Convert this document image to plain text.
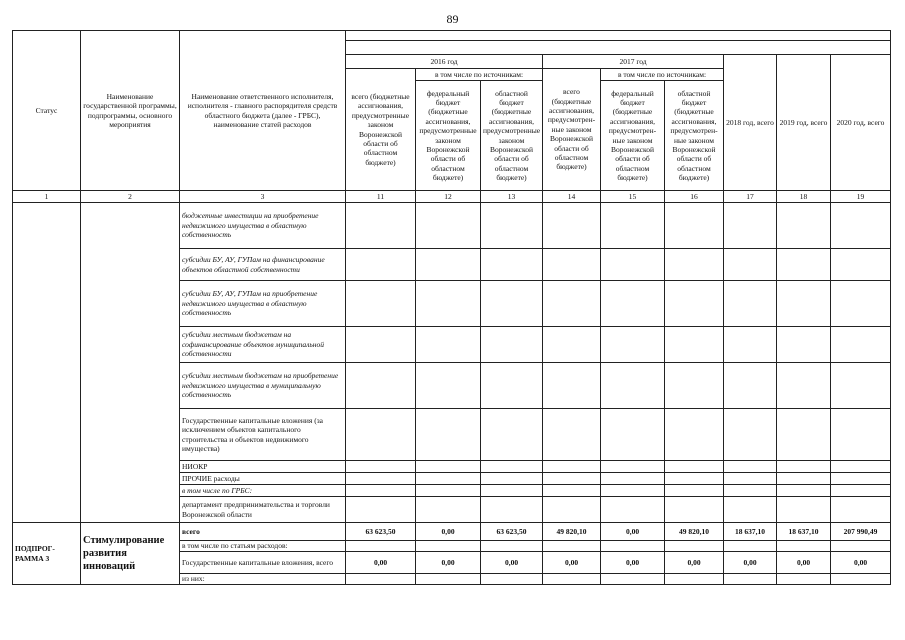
89
Статус	Наименование государственной программы, подпрограммы, основного мероприятия	Наименование ответственного исполнителя, исполнителя - главного распорядителя средств областного бюджета (далее - ГРБС), наименование статей расходов									

			2016 год			2017 год			2018 год, всего	2019 год, всего	2020 год, всего
			всего (бюджетные ассигнования, предусмотренные законом Воронежской области об областном бюджете)	в том числе по источникам:		всего (бюджетные ассигнования, предусмотрен-ные законом Воронежской области об областном бюджете)	в том числе по источникам:				
				федеральный бюджет (бюджетные ассигнования, предусмотренные законом Воронежской области об областном бюджете)	областной бюджет (бюджетные ассигнования, предусмотренные законом Воронежской области об областном бюджете)		федеральный бюджет (бюджетные ассигнования, предусмотрен-ные законом Воронежской области об областном бюджете)	областной бюджет (бюджетные ассигнования, предусмотрен-ные законом Воронежской области об областном бюджете)			
1	2	3	11	12	13	14	15	16	17	18	19
		бюджетные инвестиции на приобретение недвижимого имущества в областную собственность									
		субсидии БУ, АУ, ГУПам на финансирование объектов областной собственности									
		субсидии БУ, АУ, ГУПам на приобретение недвижимого имущества в областную собственность									
		субсидии местным бюджетам на софинансирование объектов муниципальной собственности									
		субсидии местным бюджетам на приобретение недвижимого имущества в муниципальную собственность									
		Государственные капитальные вложения (за исключением объектов капитального строительства и объектов недвижимого имущества)									
		НИОКР									
		ПРОЧИЕ расходы									
		в том числе по ГРБС:									
		департамент предпринимательства и торговли Воронежской области									
ПОДПРОГ-РАММА 3	Стимулирование развития инноваций	всего	63 623,50	0,00	63 623,50	49 820,10	0,00	49 820,10	18 637,10	18 637,10	207 990,49
		в том числе по статьям расходов:									
		Государственные капитальные вложения, всего	0,00	0,00	0,00	0,00	0,00	0,00	0,00	0,00	0,00
		из них:									
